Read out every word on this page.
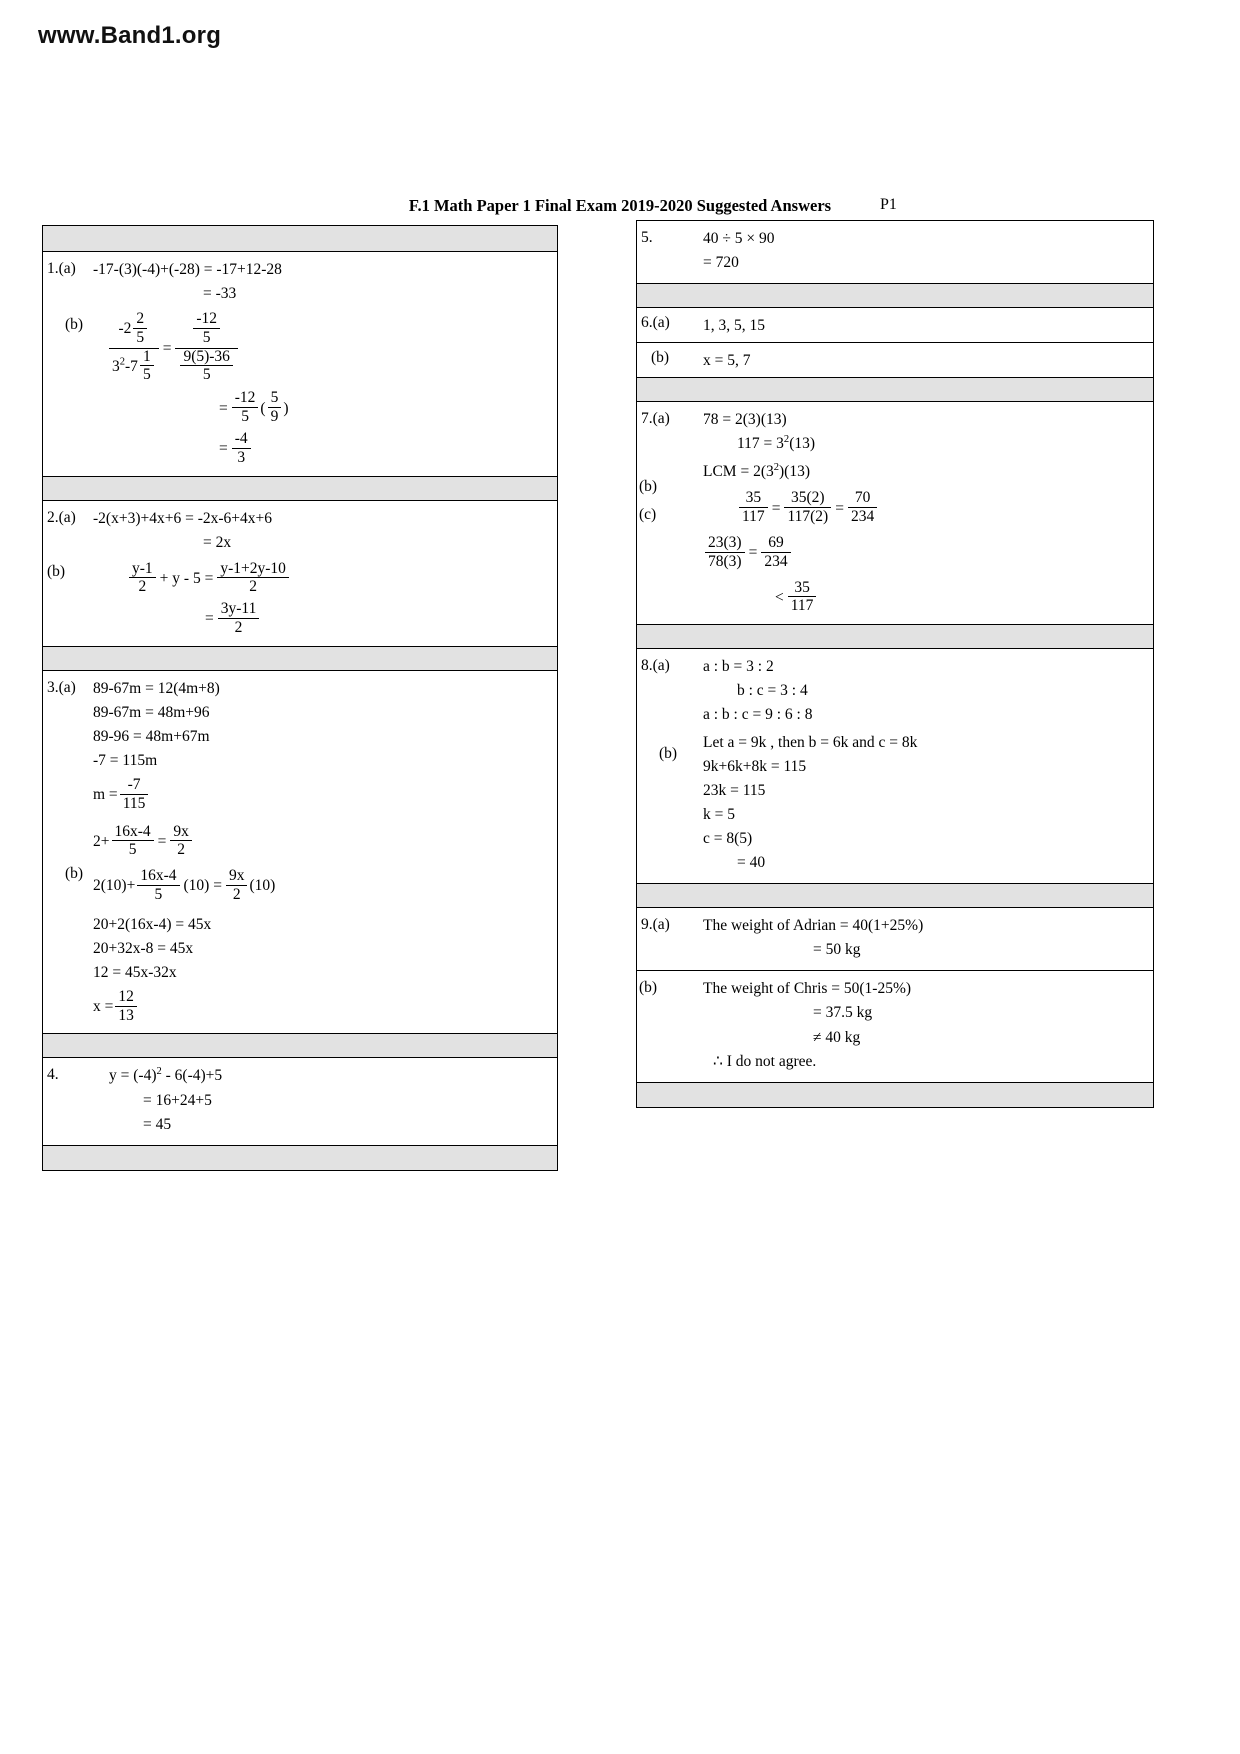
www.Band1.org
F.1 Math Paper 1 Final Exam 2019-2020 Suggested Answers	P1
1.(a) -17-(3)(-4)+(-28) = -17+12-28
= -33
$(b) \frac{-2 \frac{2}{5}}{3^2-7 \frac{1}{5}} = \frac{\frac{-12}{5}}{\frac{9(5)-36}{5}}$
= $\frac{-12}{5}$ ( $\frac{5}{9}$ )
= $\frac{-4}{3}$
2.(a) -2(x+3)+4x+6 = -2x-6+4x+6
= 2x
(b)	$\frac{y-1}{2} + y - 5 = \frac{y-1+2y-10}{2}$
= $\frac{3y-11}{2}$
3.(a) 89-67m = 12(4m+8)
89-67m = 48m+96
89-96 = 48m+67m
-7 = 115m
$m = \frac{-7}{115}$
(b)
$2+ \frac{16x-4}{5} = \frac{9x}{2}$
$2(10)+ \frac{16x-4}{5} (10) = \frac{9x}{2} (10)$
20+2(16x-4) = 45x
20+32x-8 = 45x
12 = 45x-32x
$x = \frac{12}{13}$
4.	$y = (-4)^2 - 6(-4)+5$
= 16+24+5
= 45
5.	40 ÷ 5 × 90
= 720
6.(a) 1, 3, 5, 15
(b) x = 5, 7
7.(a) 78 = 2(3)(13)
$117 = 3^2(13)$
(b)
LCM = $2(3^2)(13)$
(c)	$\frac{35}{117} = \frac{35(2)}{117(2)} = \frac{70}{234}$
$\frac{23(3)}{78(3)} = \frac{69}{234}$
< $\frac{35}{117}$
8.(a) a : b = 3 : 2
b : c = 3 : 4
a : b : c = 9 : 6 : 8
(b)
Let a = 9k , then b = 6k and c = 8k
9k+6k+8k = 115
23k = 115
k = 5
c = 8(5)
= 40
9.(a) The weight of Adrian = 40(1+25%)
= 50 kg
(b)	The weight of Chris = 50(1-25%)
= 37.5 kg
≠ 40 kg
∴ I do not agree.
